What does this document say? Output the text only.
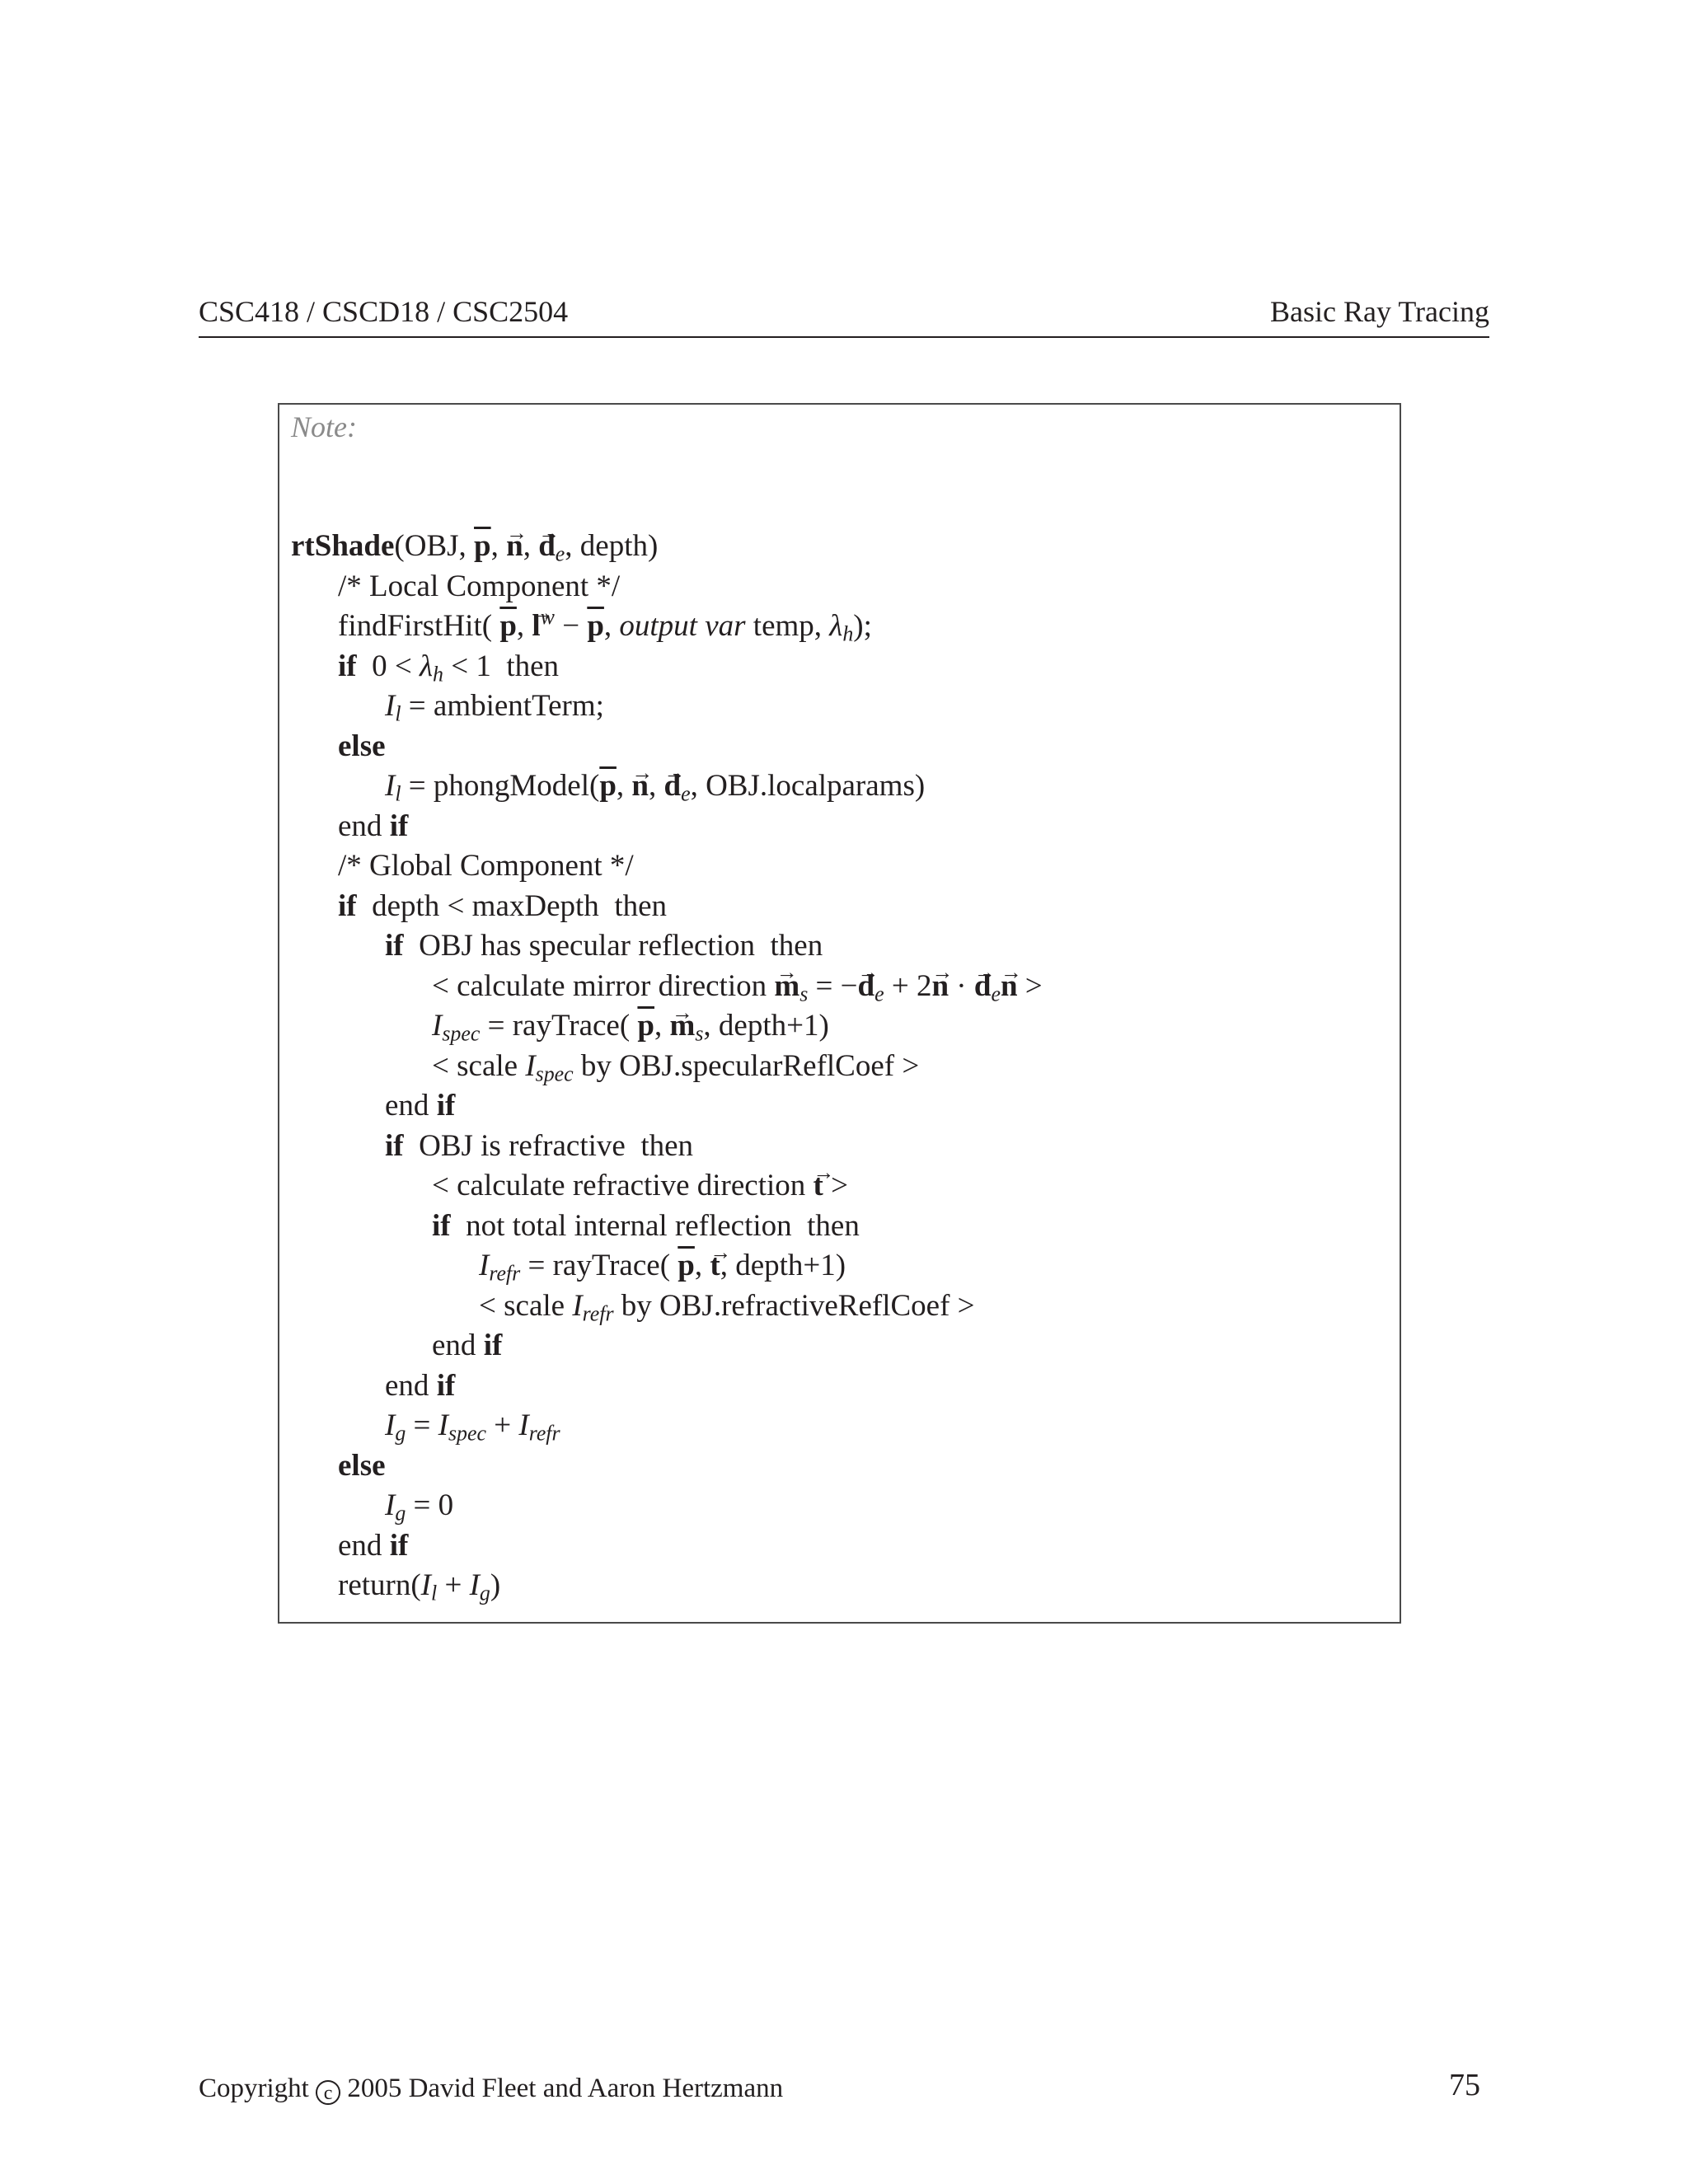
CSC418 / CSCD18 / CSC2504	Basic Ray Tracing
Note:
rtShade(OBJ, $\overline{p}$, → n, → $d_e$, depth)
/* Local Component */
findFirstHit( $\overline{p}$, → $l^w - \overline{p}$, output var temp, $\lambda_h$);
if $0 < \lambda_h < 1$ then
$I_l$ = ambientTerm;
else
$I_l$ = $phongModel(\overline{p}$, → n, → $d_e$, OBJ.localparams)
end if
/* Global Component */
if depth < maxDepth then
if OBJ has specular reflection then
< calculate mirror direction → $m_s$ = −→ $d_e + 2\to n$ · → $d_e\to n$ >
$I_{spec}$ = rayTrace( $\overline{p}$, → $m_s$, depth+1)
< scale $I_{spec}$ by OBJ.specularReflCoef >
end if
if OBJ is refractive then
< calculate refractive direction → t >
if not total internal reflection then
$I_{refr}$ = rayTrace( $\overline{p}$, → t, depth+1)
< scale $I_{refr}$ by OBJ.refractiveReflCoef >
end if
end if
$I_g = I_{spec} + I_{refr}$
else
$I_g = 0$
end if
$return(I_l + I_g)$
Copyright c 2005 David Fleet and Aaron Hertzmann	75
